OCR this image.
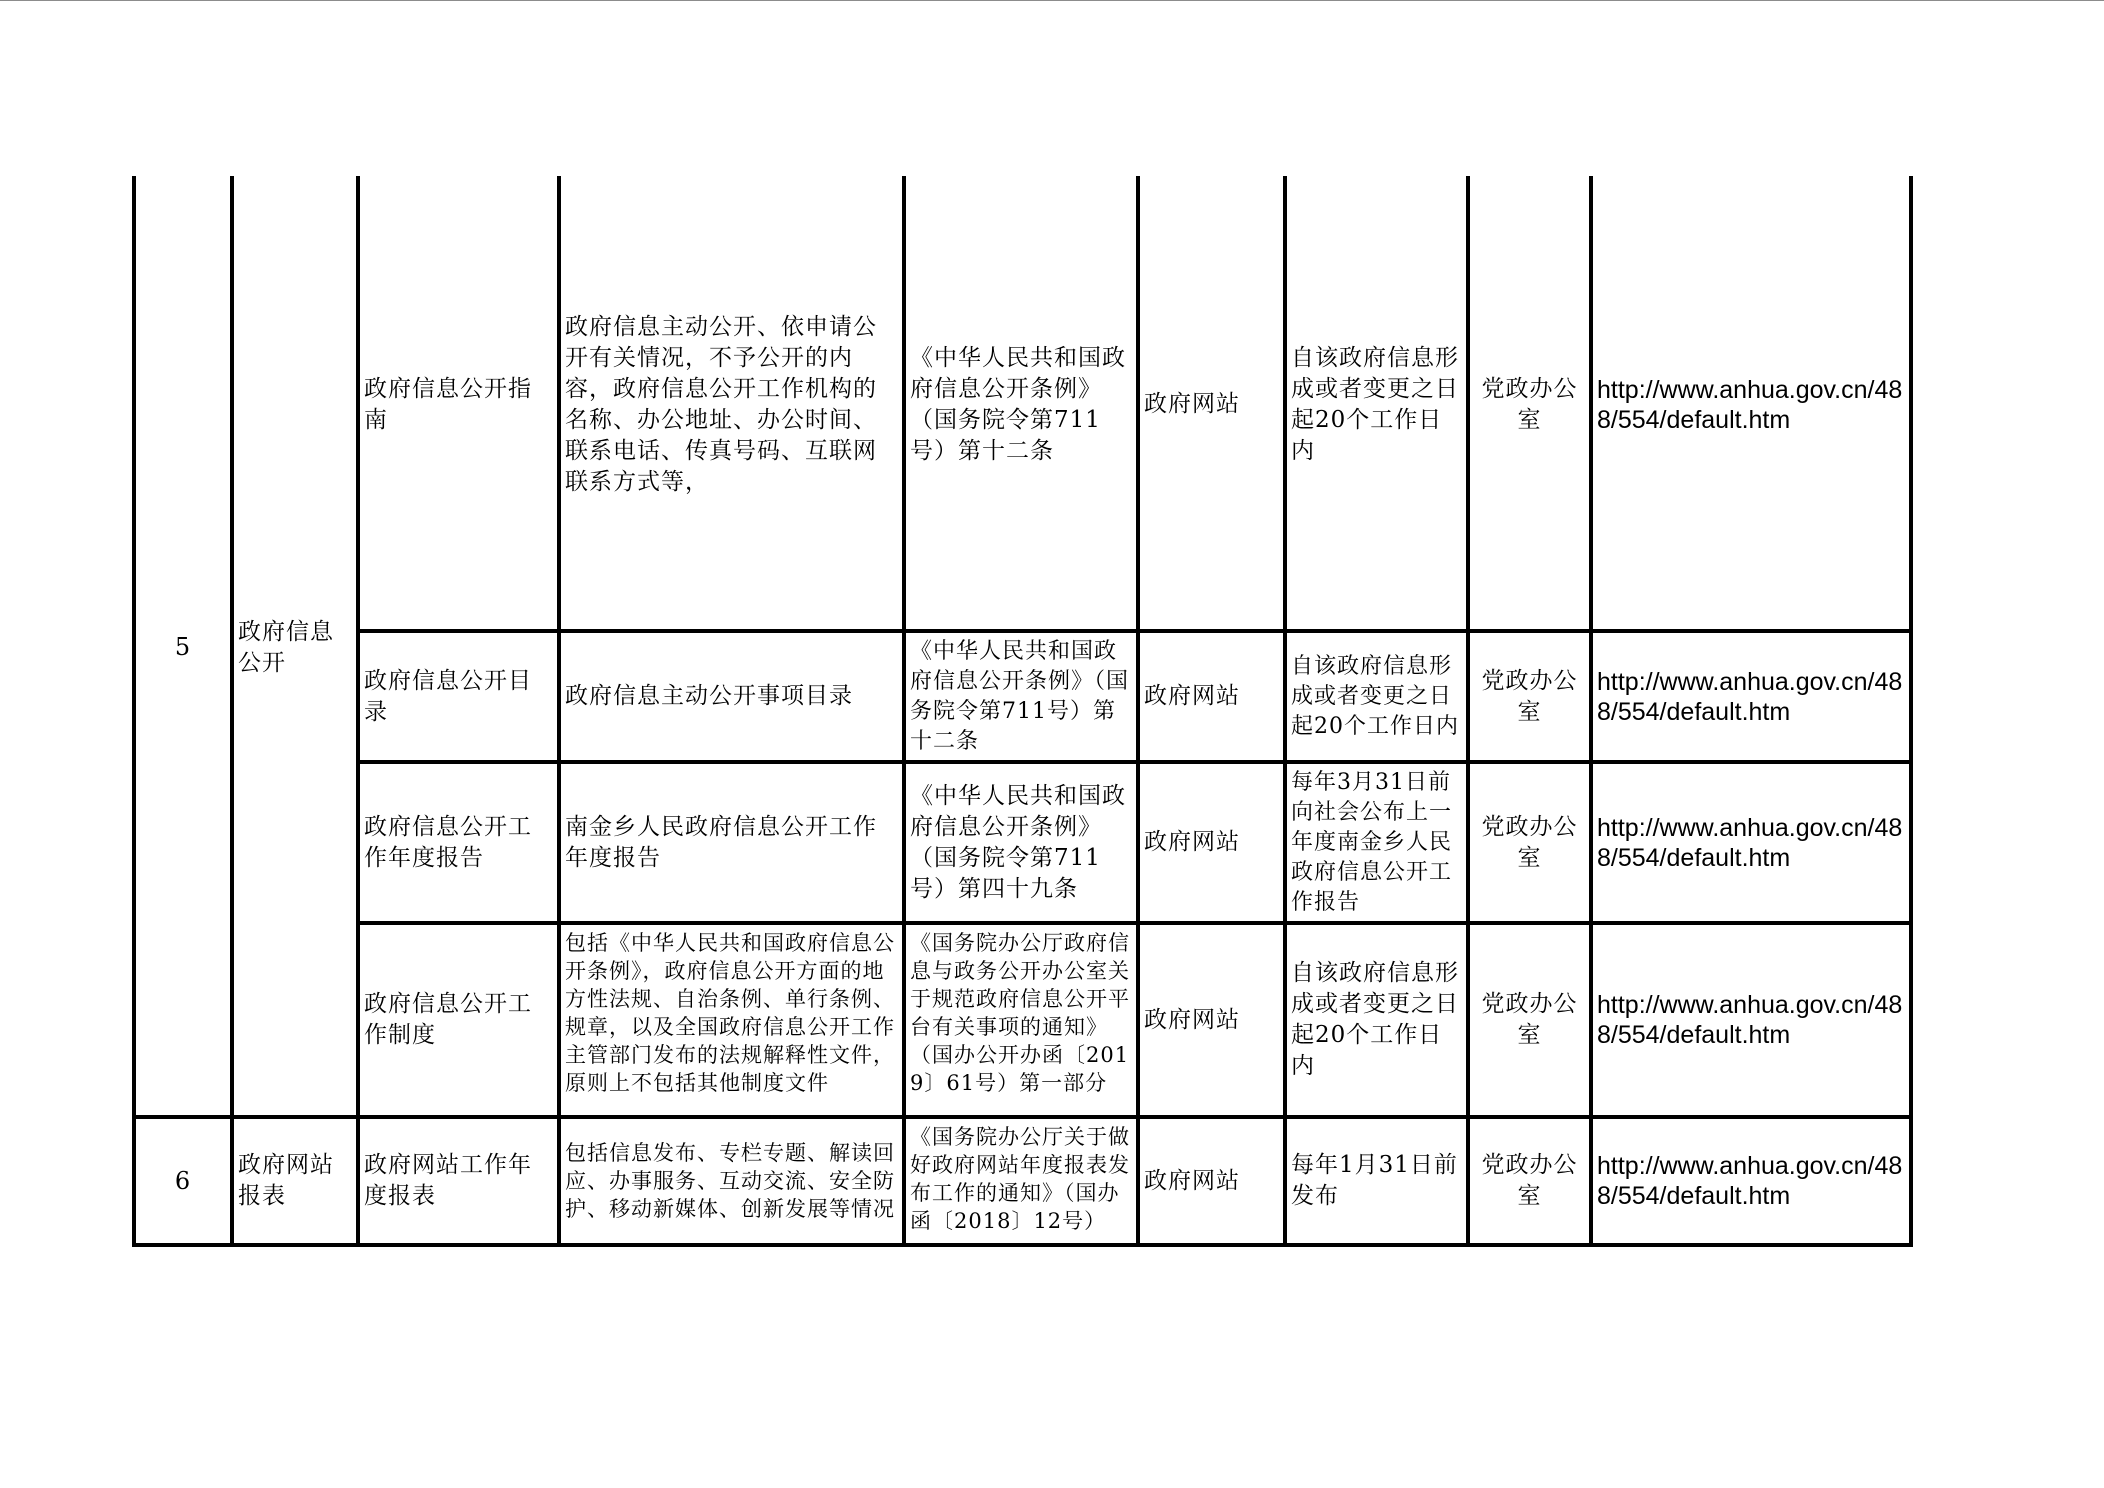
5
政府信息公开
政府信息公开指南
政府信息主动公开、依申请公开有关情况，不予公开的内容，政府信息公开工作机构的名称、办公地址、办公时间、联系电话、传真号码、互联网联系方式等，
《中华人民共和国政府信息公开条例》（国务院令第711号）第十二条
政府网站
自该政府信息形成或者变更之日起20个工作日内
党政办公室
http://www.anhua.gov.cn/488/554/default.htm
政府信息公开目录
政府信息主动公开事项目录
《中华人民共和国政府信息公开条例》（国务院令第711号）第十二条
政府网站
自该政府信息形成或者变更之日起20个工作日内
党政办公室
http://www.anhua.gov.cn/488/554/default.htm
政府信息公开工作年度报告
南金乡人民政府信息公开工作年度报告
《中华人民共和国政府信息公开条例》（国务院令第711号）第四十九条
政府网站
每年3月31日前向社会公布上一年度南金乡人民政府信息公开工作报告
党政办公室
http://www.anhua.gov.cn/488/554/default.htm
政府信息公开工作制度
包括《中华人民共和国政府信息公开条例》，政府信息公开方面的地方性法规、自治条例、单行条例、规章，以及全国政府信息公开工作主管部门发布的法规解释性文件，原则上不包括其他制度文件
《国务院办公厅政府信息与政务公开办公室关于规范政府信息公开平台有关事项的通知》（国办公开办函〔2019〕61号）第一部分
政府网站
自该政府信息形成或者变更之日起20个工作日内
党政办公室
http://www.anhua.gov.cn/488/554/default.htm
6
政府网站报表
政府网站工作年度报表
包括信息发布、专栏专题、解读回应、办事服务、互动交流、安全防护、移动新媒体、创新发展等情况
《国务院办公厅关于做好政府网站年度报表发布工作的通知》（国办函〔2018〕12号）
政府网站
每年1月31日前发布
党政办公室
http://www.anhua.gov.cn/488/554/default.htm
